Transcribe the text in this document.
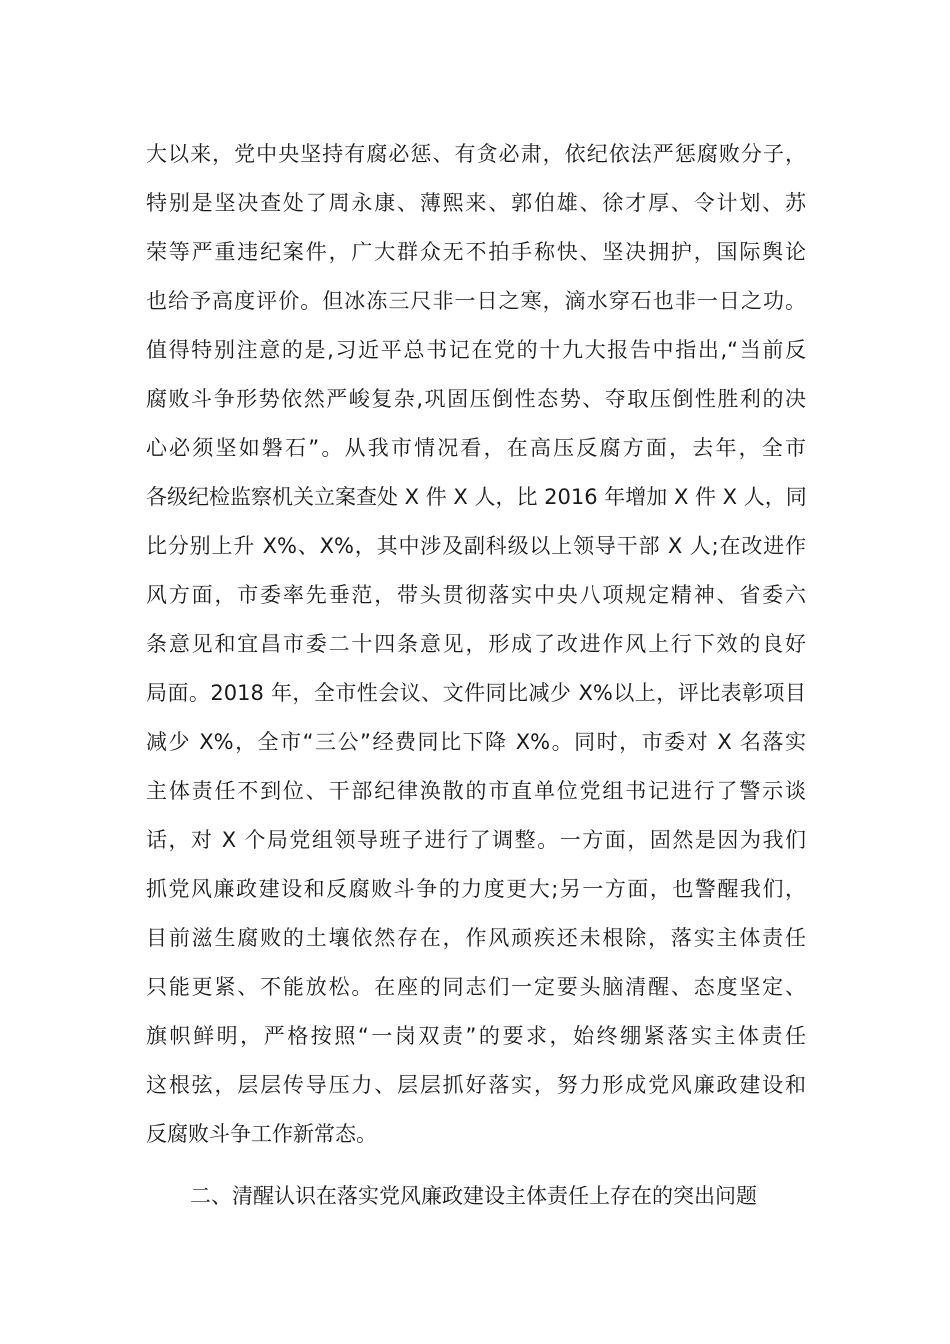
大以来，党中央坚持有腐必惩、有贪必肃，依纪依法严惩腐败分子，
特别是坚决查处了周永康、薄熙来、郭伯雄、徐才厚、令计划、苏
荣等严重违纪案件，广大群众无不拍手称快、坚决拥护，国际舆论
也给予高度评价。但冰冻三尺非一日之寒，滴水穿石也非一日之功。
值得特别注意的是,习近平总书记在党的十九大报告中指出,“当前反
腐败斗争形势依然严峻复杂,巩固压倒性态势、夺取压倒性胜利的决
心必须坚如磐石”。从我市情况看，在高压反腐方面，去年，全市
各级纪检监察机关立案查处 X 件 X 人，比 2016 年增加 X 件 X 人，同
比分别上升 X%、X%，其中涉及副科级以上领导干部 X 人;在改进作
风方面，市委率先垂范，带头贯彻落实中央八项规定精神、省委六
条意见和宜昌市委二十四条意见，形成了改进作风上行下效的良好
局面。2018 年，全市性会议、文件同比减少 X%以上，评比表彰项目
减少 X%，全市“三公”经费同比下降 X%。同时，市委对 X 名落实
主体责任不到位、干部纪律涣散的市直单位党组书记进行了警示谈
话，对 X 个局党组领导班子进行了调整。一方面，固然是因为我们
抓党风廉政建设和反腐败斗争的力度更大;另一方面，也警醒我们，
目前滋生腐败的土壤依然存在，作风顽疾还未根除，落实主体责任
只能更紧、不能放松。在座的同志们一定要头脑清醒、态度坚定、
旗帜鲜明，严格按照“一岗双责”的要求，始终绷紧落实主体责任
这根弦，层层传导压力、层层抓好落实，努力形成党风廉政建设和
反腐败斗争工作新常态。
二、清醒认识在落实党风廉政建设主体责任上存在的突出问题
